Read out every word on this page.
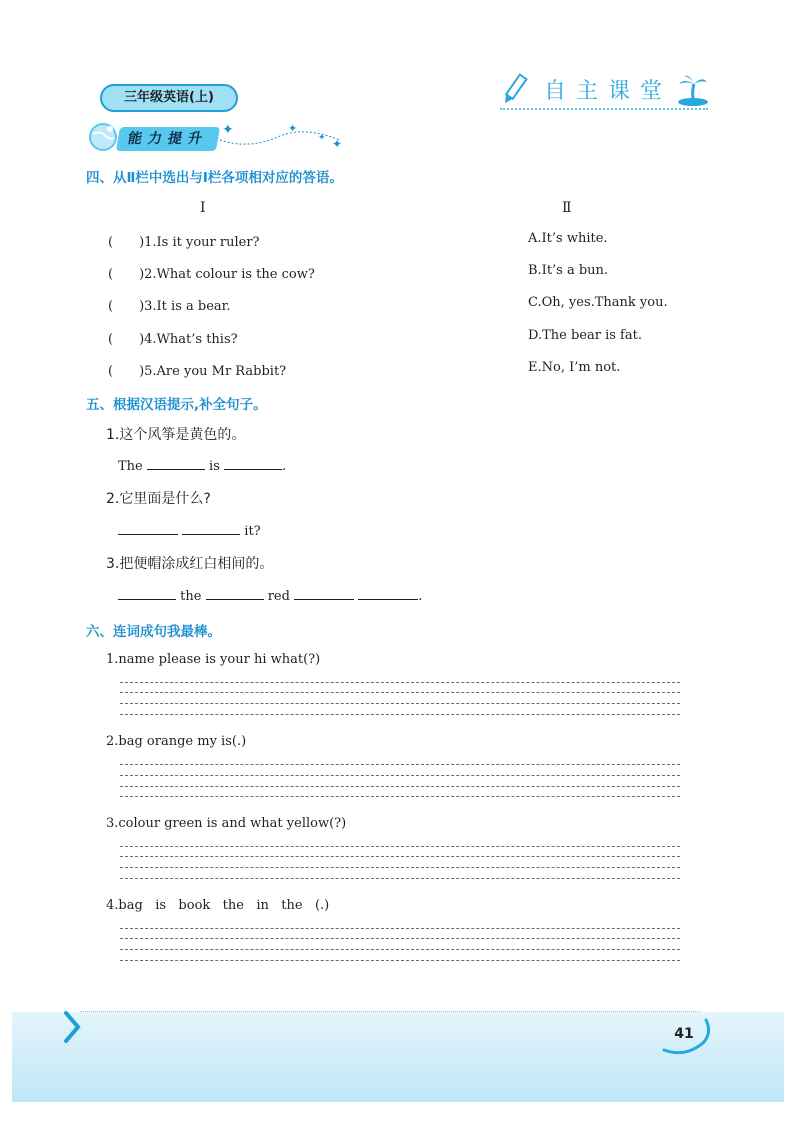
三年级英语(上)	自主课堂
能力提升
✦	✦
✦ ✦
四、从Ⅱ栏中选出与Ⅰ栏各项相对应的答语。
Ⅰ	Ⅱ
(　　)1.Is it your ruler?
(　　)2.What colour is the cow?
(　　)3.It is a bear.
(　　)4.What’s this?
(　　)5.Are you Mr Rabbit?
A.It’s white.
B.It’s a bun.
C.Oh, yes.Thank you.
D.The bear is fat.
E.No, I’m not.
五、根据汉语提示,补全句子。
1.这个风筝是黄色的。
The	is	.
2.它里面是什么?
it?
3.把便帽涂成红白相间的。
the	red	.
六、连词成句我最棒。
1.name please is your hi what(?)
2.bag orange my is(.)
3.colour green is and what yellow(?)
4.bag   is   book   the   in   the   (.)
41
